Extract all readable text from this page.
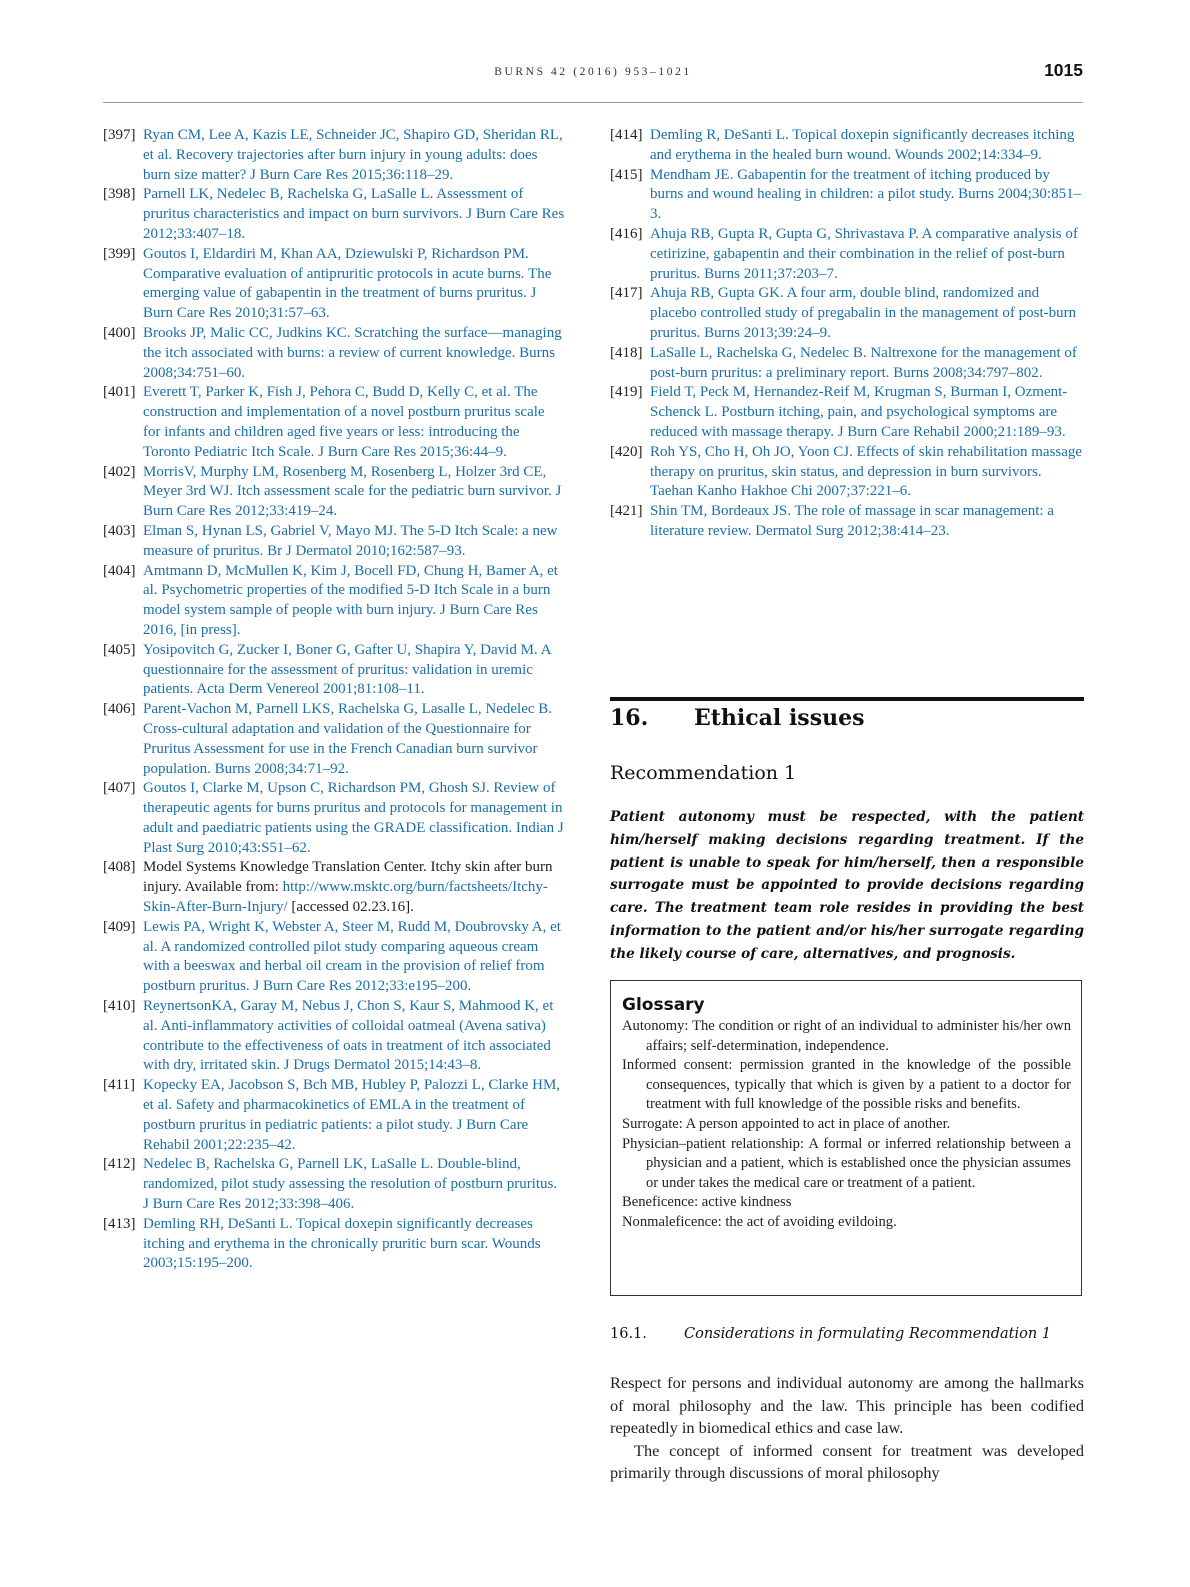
BURNS 42 (2016) 953–1021	1015
[397] Ryan CM, Lee A, Kazis LE, Schneider JC, Shapiro GD, Sheridan RL, et al. Recovery trajectories after burn injury in young adults: does burn size matter? J Burn Care Res 2015;36:118–29.
[398] Parnell LK, Nedelec B, Rachelska G, LaSalle L. Assessment of pruritus characteristics and impact on burn survivors. J Burn Care Res 2012;33:407–18.
[399] Goutos I, Eldardiri M, Khan AA, Dziewulski P, Richardson PM. Comparative evaluation of antipruritic protocols in acute burns. The emerging value of gabapentin in the treatment of burns pruritus. J Burn Care Res 2010;31:57–63.
[400] Brooks JP, Malic CC, Judkins KC. Scratching the surface—managing the itch associated with burns: a review of current knowledge. Burns 2008;34:751–60.
[401] Everett T, Parker K, Fish J, Pehora C, Budd D, Kelly C, et al. The construction and implementation of a novel postburn pruritus scale for infants and children aged five years or less: introducing the Toronto Pediatric Itch Scale. J Burn Care Res 2015;36:44–9.
[402] MorrisV, Murphy LM, Rosenberg M, Rosenberg L, Holzer 3rd CE, Meyer 3rd WJ. Itch assessment scale for the pediatric burn survivor. J Burn Care Res 2012;33:419–24.
[403] Elman S, Hynan LS, Gabriel V, Mayo MJ. The 5-D Itch Scale: a new measure of pruritus. Br J Dermatol 2010;162:587–93.
[404] Amtmann D, McMullen K, Kim J, Bocell FD, Chung H, Bamer A, et al. Psychometric properties of the modified 5-D Itch Scale in a burn model system sample of people with burn injury. J Burn Care Res 2016, [in press].
[405] Yosipovitch G, Zucker I, Boner G, Gafter U, Shapira Y, David M. A questionnaire for the assessment of pruritus: validation in uremic patients. Acta Derm Venereol 2001;81:108–11.
[406] Parent-Vachon M, Parnell LKS, Rachelska G, Lasalle L, Nedelec B. Cross-cultural adaptation and validation of the Questionnaire for Pruritus Assessment for use in the French Canadian burn survivor population. Burns 2008;34:71–92.
[407] Goutos I, Clarke M, Upson C, Richardson PM, Ghosh SJ. Review of therapeutic agents for burns pruritus and protocols for management in adult and paediatric patients using the GRADE classification. Indian J Plast Surg 2010;43:S51–62.
[408] Model Systems Knowledge Translation Center. Itchy skin after burn injury. Available from: http://www.msktc.org/burn/factsheets/Itchy-Skin-After-Burn-Injury/ [accessed 02.23.16].
[409] Lewis PA, Wright K, Webster A, Steer M, Rudd M, Doubrovsky A, et al. A randomized controlled pilot study comparing aqueous cream with a beeswax and herbal oil cream in the provision of relief from postburn pruritus. J Burn Care Res 2012;33:e195–200.
[410] ReynertsonKA, Garay M, Nebus J, Chon S, Kaur S, Mahmood K, et al. Anti-inflammatory activities of colloidal oatmeal (Avena sativa) contribute to the effectiveness of oats in treatment of itch associated with dry, irritated skin. J Drugs Dermatol 2015;14:43–8.
[411] Kopecky EA, Jacobson S, Bch MB, Hubley P, Palozzi L, Clarke HM, et al. Safety and pharmacokinetics of EMLA in the treatment of postburn pruritus in pediatric patients: a pilot study. J Burn Care Rehabil 2001;22:235–42.
[412] Nedelec B, Rachelska G, Parnell LK, LaSalle L. Double-blind, randomized, pilot study assessing the resolution of postburn pruritus. J Burn Care Res 2012;33:398–406.
[413] Demling RH, DeSanti L. Topical doxepin significantly decreases itching and erythema in the chronically pruritic burn scar. Wounds 2003;15:195–200.
[414] Demling R, DeSanti L. Topical doxepin significantly decreases itching and erythema in the healed burn wound. Wounds 2002;14:334–9.
[415] Mendham JE. Gabapentin for the treatment of itching produced by burns and wound healing in children: a pilot study. Burns 2004;30:851–3.
[416] Ahuja RB, Gupta R, Gupta G, Shrivastava P. A comparative analysis of cetirizine, gabapentin and their combination in the relief of post-burn pruritus. Burns 2011;37:203–7.
[417] Ahuja RB, Gupta GK. A four arm, double blind, randomized and placebo controlled study of pregabalin in the management of post-burn pruritus. Burns 2013;39:24–9.
[418] LaSalle L, Rachelska G, Nedelec B. Naltrexone for the management of post-burn pruritus: a preliminary report. Burns 2008;34:797–802.
[419] Field T, Peck M, Hernandez-Reif M, Krugman S, Burman I, Ozment-Schenck L. Postburn itching, pain, and psychological symptoms are reduced with massage therapy. J Burn Care Rehabil 2000;21:189–93.
[420] Roh YS, Cho H, Oh JO, Yoon CJ. Effects of skin rehabilitation massage therapy on pruritus, skin status, and depression in burn survivors. Taehan Kanho Hakhoe Chi 2007;37:221–6.
[421] Shin TM, Bordeaux JS. The role of massage in scar management: a literature review. Dermatol Surg 2012;38:414–23.
16. Ethical issues
Recommendation 1
Patient autonomy must be respected, with the patient him/herself making decisions regarding treatment. If the patient is unable to speak for him/herself, then a responsible surrogate must be appointed to provide decisions regarding care. The treatment team role resides in providing the best information to the patient and/or his/her surrogate regarding the likely course of care, alternatives, and prognosis.
Glossary
Autonomy: The condition or right of an individual to administer his/her own affairs; self-determination, independence.
Informed consent: permission granted in the knowledge of the possible consequences, typically that which is given by a patient to a doctor for treatment with full knowledge of the possible risks and benefits.
Surrogate: A person appointed to act in place of another.
Physician–patient relationship: A formal or inferred relationship between a physician and a patient, which is established once the physician assumes or under takes the medical care or treatment of a patient.
Beneficence: active kindness
Nonmaleficence: the act of avoiding evildoing.
16.1.	Considerations in formulating Recommendation 1

Respect for persons and individual autonomy are among the hallmarks of moral philosophy and the law. This principle has been codified repeatedly in biomedical ethics and case law.

The concept of informed consent for treatment was developed primarily through discussions of moral philosophy
